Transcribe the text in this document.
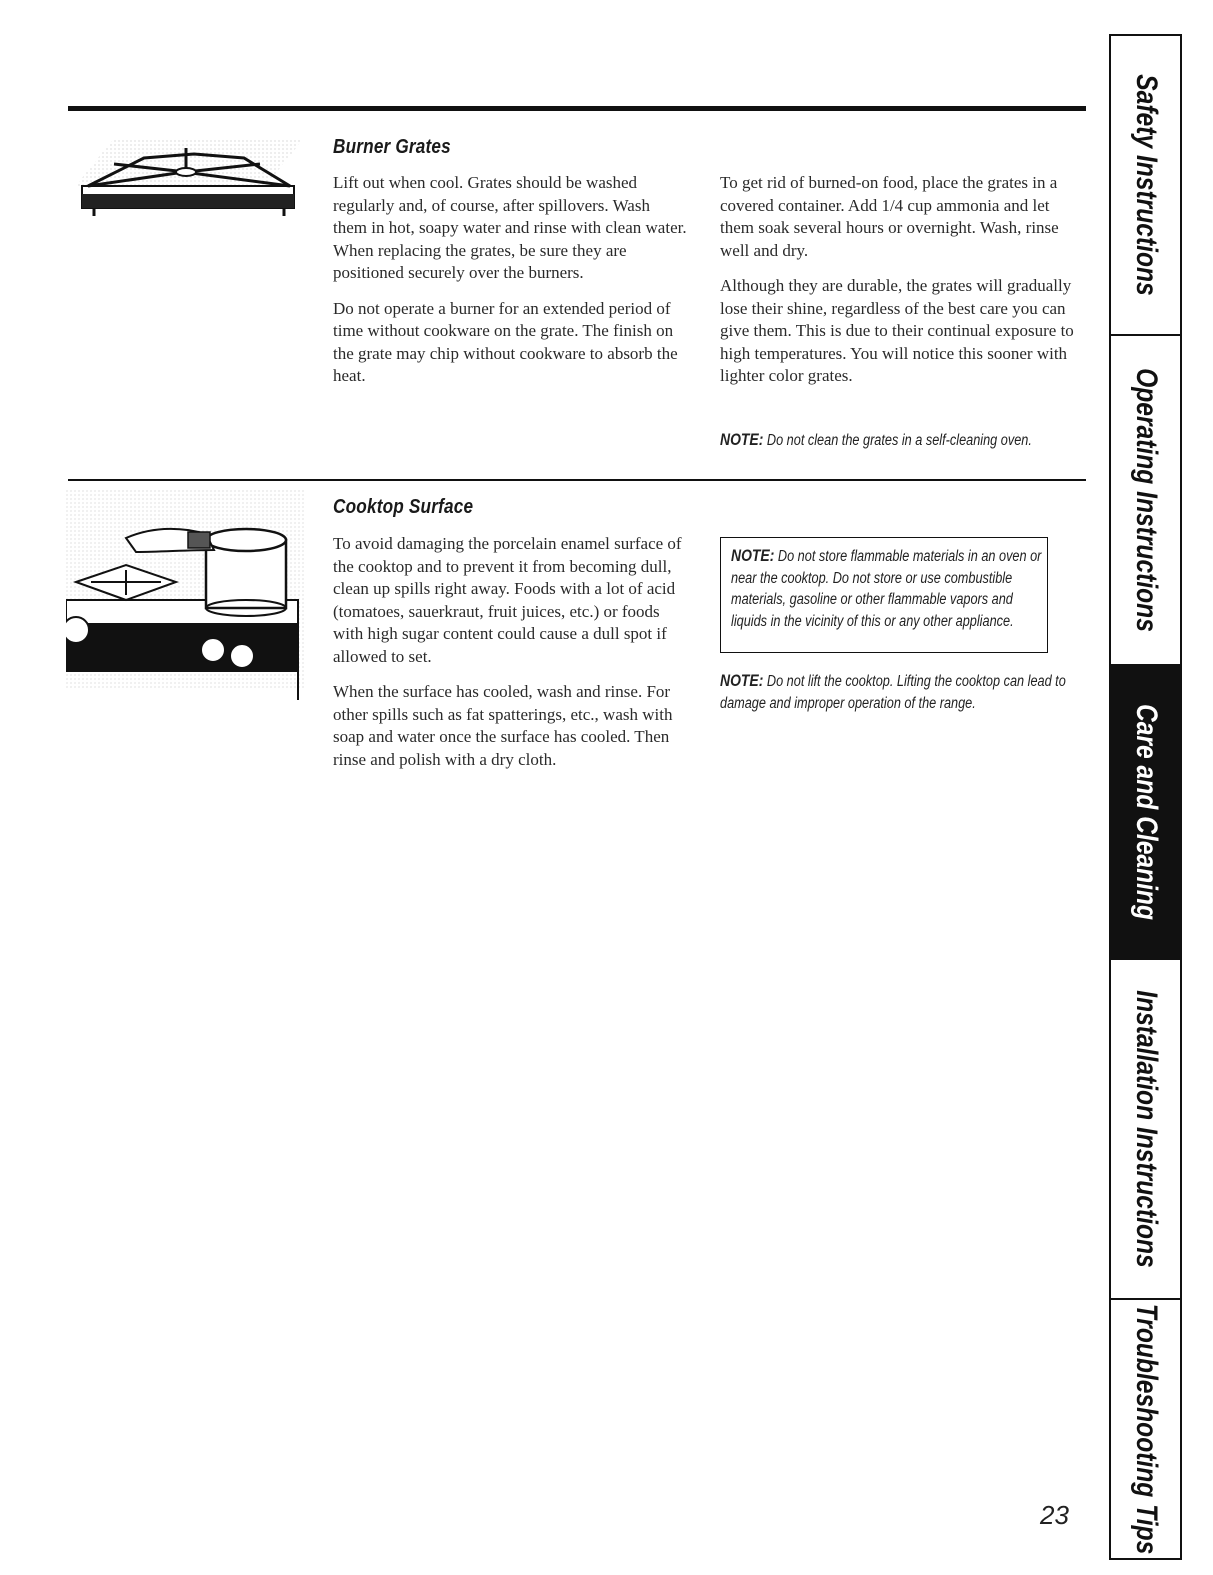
Burner Grates

Lift out when cool. Grates should be washed regularly and, of course, after spillovers. Wash them in hot, soapy water and rinse with clean water. When replacing the grates, be sure they are positioned securely over the burners.

Do not operate a burner for an extended period of time without cookware on the grate. The finish on the grate may chip without cookware to absorb the heat.

To get rid of burned-on food, place the grates in a covered container. Add 1/4 cup ammonia and let them soak several hours or overnight. Wash, rinse well and dry.

Although they are durable, the grates will gradually lose their shine, regardless of the best care you can give them. This is due to their continual exposure to high temperatures. You will notice this sooner with lighter color grates.

NOTE: Do not clean the grates in a self-cleaning oven.
Cooktop Surface

To avoid damaging the porcelain enamel surface of the cooktop and to prevent it from becoming dull, clean up spills right away. Foods with a lot of acid (tomatoes, sauerkraut, fruit juices, etc.) or foods with high sugar content could cause a dull spot if allowed to set.

When the surface has cooled, wash and rinse. For other spills such as fat spatterings, etc., wash with soap and water once the surface has cooled. Then rinse and polish with a dry cloth.

NOTE: Do not store flammable materials in an oven or near the cooktop. Do not store or use combustible materials, gasoline or other flammable vapors and liquids in the vicinity of this or any other appliance.
NOTE: Do not lift the cooktop. Lifting the cooktop can lead to damage and improper operation of the range.
Safety Instructions
Operating Instructions
Care and Cleaning
Installation Instructions
Troubleshooting Tips
23
